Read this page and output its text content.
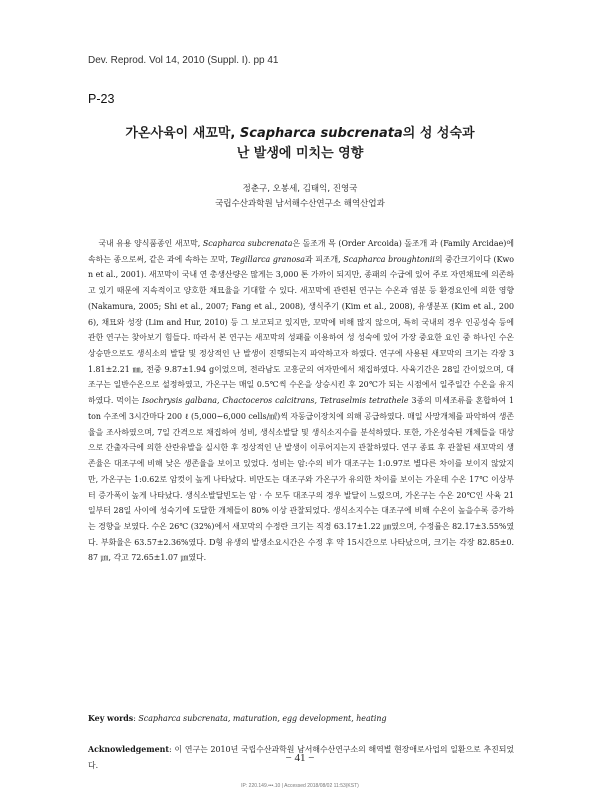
Dev. Reprod. Vol 14, 2010 (Suppl. I). pp 41
P-23
가온사육이 새꼬막, Scapharca subcrenata의 성 성숙과
난 발생에 미치는 영향
정춘구, 오봉세, 김태익, 진영국
국립수산과학원 남서해수산연구소 해역산업과

국내 유용 양식품종인 새꼬막, Scapharca subcrenata은 돌조개 목 (Order Arcoida) 돌조개 과 (Family Arcidae)에 속하는 종으로써, 같은 과에 속하는 꼬막, Tegillarca granosa과 피조개, Scapharca broughtonii의 중간크기이다 (Kwon et al., 2001). 새꼬막이 국내 연 총생산량은 많게는 3,000 톤 가까이 되지만, 종패의 수급에 있어 주로 자연채묘에 의존하고 있기 때문에 지속적이고 양호한 채묘율을 기대할 수 있다. 새꼬막에 관련된 연구는 수온과 염분 등 환경요인에 의한 영향 (Nakamura, 2005; Shi et al., 2007; Fang et al., 2008), 생식주기 (Kim et al., 2008), 유생분포 (Kim et al., 2006), 채묘와 성장 (Lim and Hur, 2010) 등 그 보고되고 있지만, 꼬막에 비해 많지 않으며, 특히 국내의 경우 인공성숙 등에 관한 연구는 찾아보기 힘들다. 따라서 본 연구는 새꼬막의 성패를 이용하여 성 성숙에 있어 가장 중요한 요인 중 하나인 수온 상승만으로도 생식소의 발달 및 정상적인 난 발생이 진행되는지 파악하고자 하였다. 연구에 사용된 새꼬막의 크기는 각장 31.81±2.21 ㎜, 전중 9.87±1.94 g이었으며, 전라남도 고흥군의 여자만에서 채집하였다. 사육기간은 28일 간이었으며, 대조구는 일반수온으로 설정하였고, 가온구는 매일 0.5℃씩 수온을 상승시킨 후 20℃가 되는 시점에서 일주일간 수온을 유지하였다. 먹이는 Isochrysis galbana, Chactoceros calcitrans, Tetraselmis tetrathele 3종의 미세조류를 혼합하여 1 ton 수조에 3시간마다 200 ℓ (5,000∼6,000 cells/㎖)씩 자동급이장치에 의해 공급하였다. 매일 사망개체를 파악하여 생존율을 조사하였으며, 7일 간격으로 채집하여 성비, 생식소발달 및 생식소지수를 분석하였다. 또한, 가온성숙된 개체들을 대상으로 간출자극에 의한 산란유발을 실시한 후 정상적인 난 발생이 이루어지는지 관찰하였다. 연구 종료 후 관찰된 새꼬막의 생존율은 대조구에 비해 낮은 생존율을 보이고 있었다. 성비는 암:수의 비가 대조구는 1:0.97로 별다른 차이를 보이지 않았지만, 가온구는 1:0.62로 암컷이 높게 나타났다. 비만도는 대조구와 가온구가 유의한 차이를 보이는 가운데 수온 17℃ 이상부터 증가폭이 높게 나타났다. 생식소발달빈도는 암 · 수 모두 대조구의 경우 발달이 느렸으며, 가온구는 수온 20℃인 사육 21일부터 28일 사이에 성숙기에 도달한 개체들이 80% 이상 관찰되었다. 생식소지수는 대조구에 비해 수온이 높을수록 증가하는 경향을 보였다. 수온 26℃ (32%)에서 새꼬막의 수정란 크기는 직경 63.17±1.22 ㎛였으며, 수정률은 82.17±3.55%였다. 부화율은 63.57±2.36%였다. D형 유생의 발생소요시간은 수정 후 약 15시간으로 나타났으며, 크기는 각장 82.85±0.87 ㎛, 각고 72.65±1.07 ㎛였다.

Key words: Scapharca subcrenata, maturation, egg development, heating

Acknowledgement: 이 연구는 2010년 국립수산과학원 남서해수산연구소의 해역별 현장애로사업의 일환으로 추진되었다.

− 41 −
IP: 220.149.•••.10 | Accessed 2018/08/02 11:53(KST)
